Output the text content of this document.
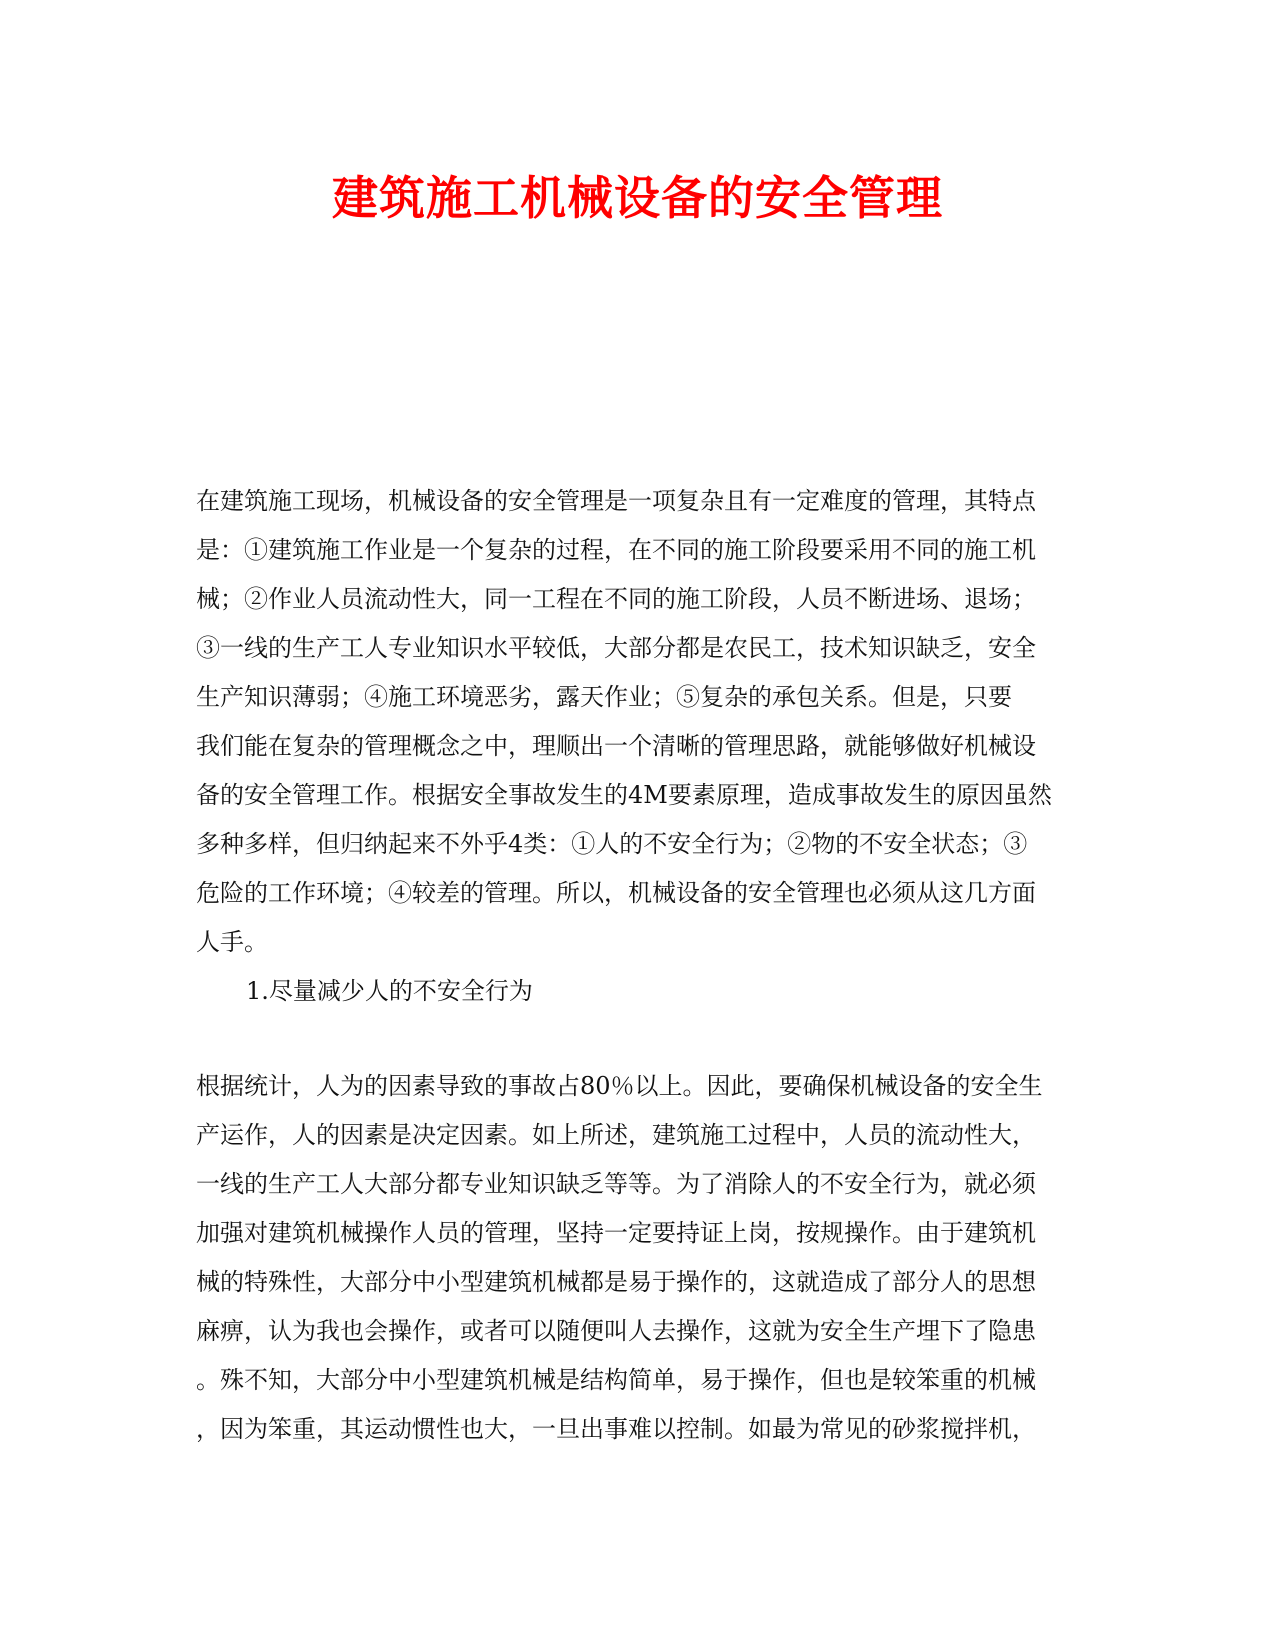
建筑施工机械设备的安全管理
在建筑施工现场，机械设备的安全管理是一项复杂且有一定难度的管理，其特点
是：①建筑施工作业是一个复杂的过程，在不同的施工阶段要采用不同的施工机
械；②作业人员流动性大，同一工程在不同的施工阶段，人员不断进场、退场；
③一线的生产工人专业知识水平较低，大部分都是农民工，技术知识缺乏，安全
生产知识薄弱；④施工环境恶劣，露天作业；⑤复杂的承包关系。但是，只要
我们能在复杂的管理概念之中，理顺出一个清晰的管理思路，就能够做好机械设
备的安全管理工作。根据安全事故发生的4M要素原理，造成事故发生的原因虽然
多种多样，但归纳起来不外乎4类：①人的不安全行为；②物的不安全状态；③
危险的工作环境；④较差的管理。所以，机械设备的安全管理也必须从这几方面
人手。
1.尽量减少人的不安全行为
根据统计，人为的因素导致的事故占80％以上。因此，要确保机械设备的安全生
产运作，人的因素是决定因素。如上所述，建筑施工过程中，人员的流动性大，
一线的生产工人大部分都专业知识缺乏等等。为了消除人的不安全行为，就必须
加强对建筑机械操作人员的管理，坚持一定要持证上岗，按规操作。由于建筑机
械的特殊性，大部分中小型建筑机械都是易于操作的，这就造成了部分人的思想
麻痹，认为我也会操作，或者可以随便叫人去操作，这就为安全生产埋下了隐患
。殊不知，大部分中小型建筑机械是结构简单，易于操作，但也是较笨重的机械
，因为笨重，其运动惯性也大，一旦出事难以控制。如最为常见的砂浆搅拌机，
